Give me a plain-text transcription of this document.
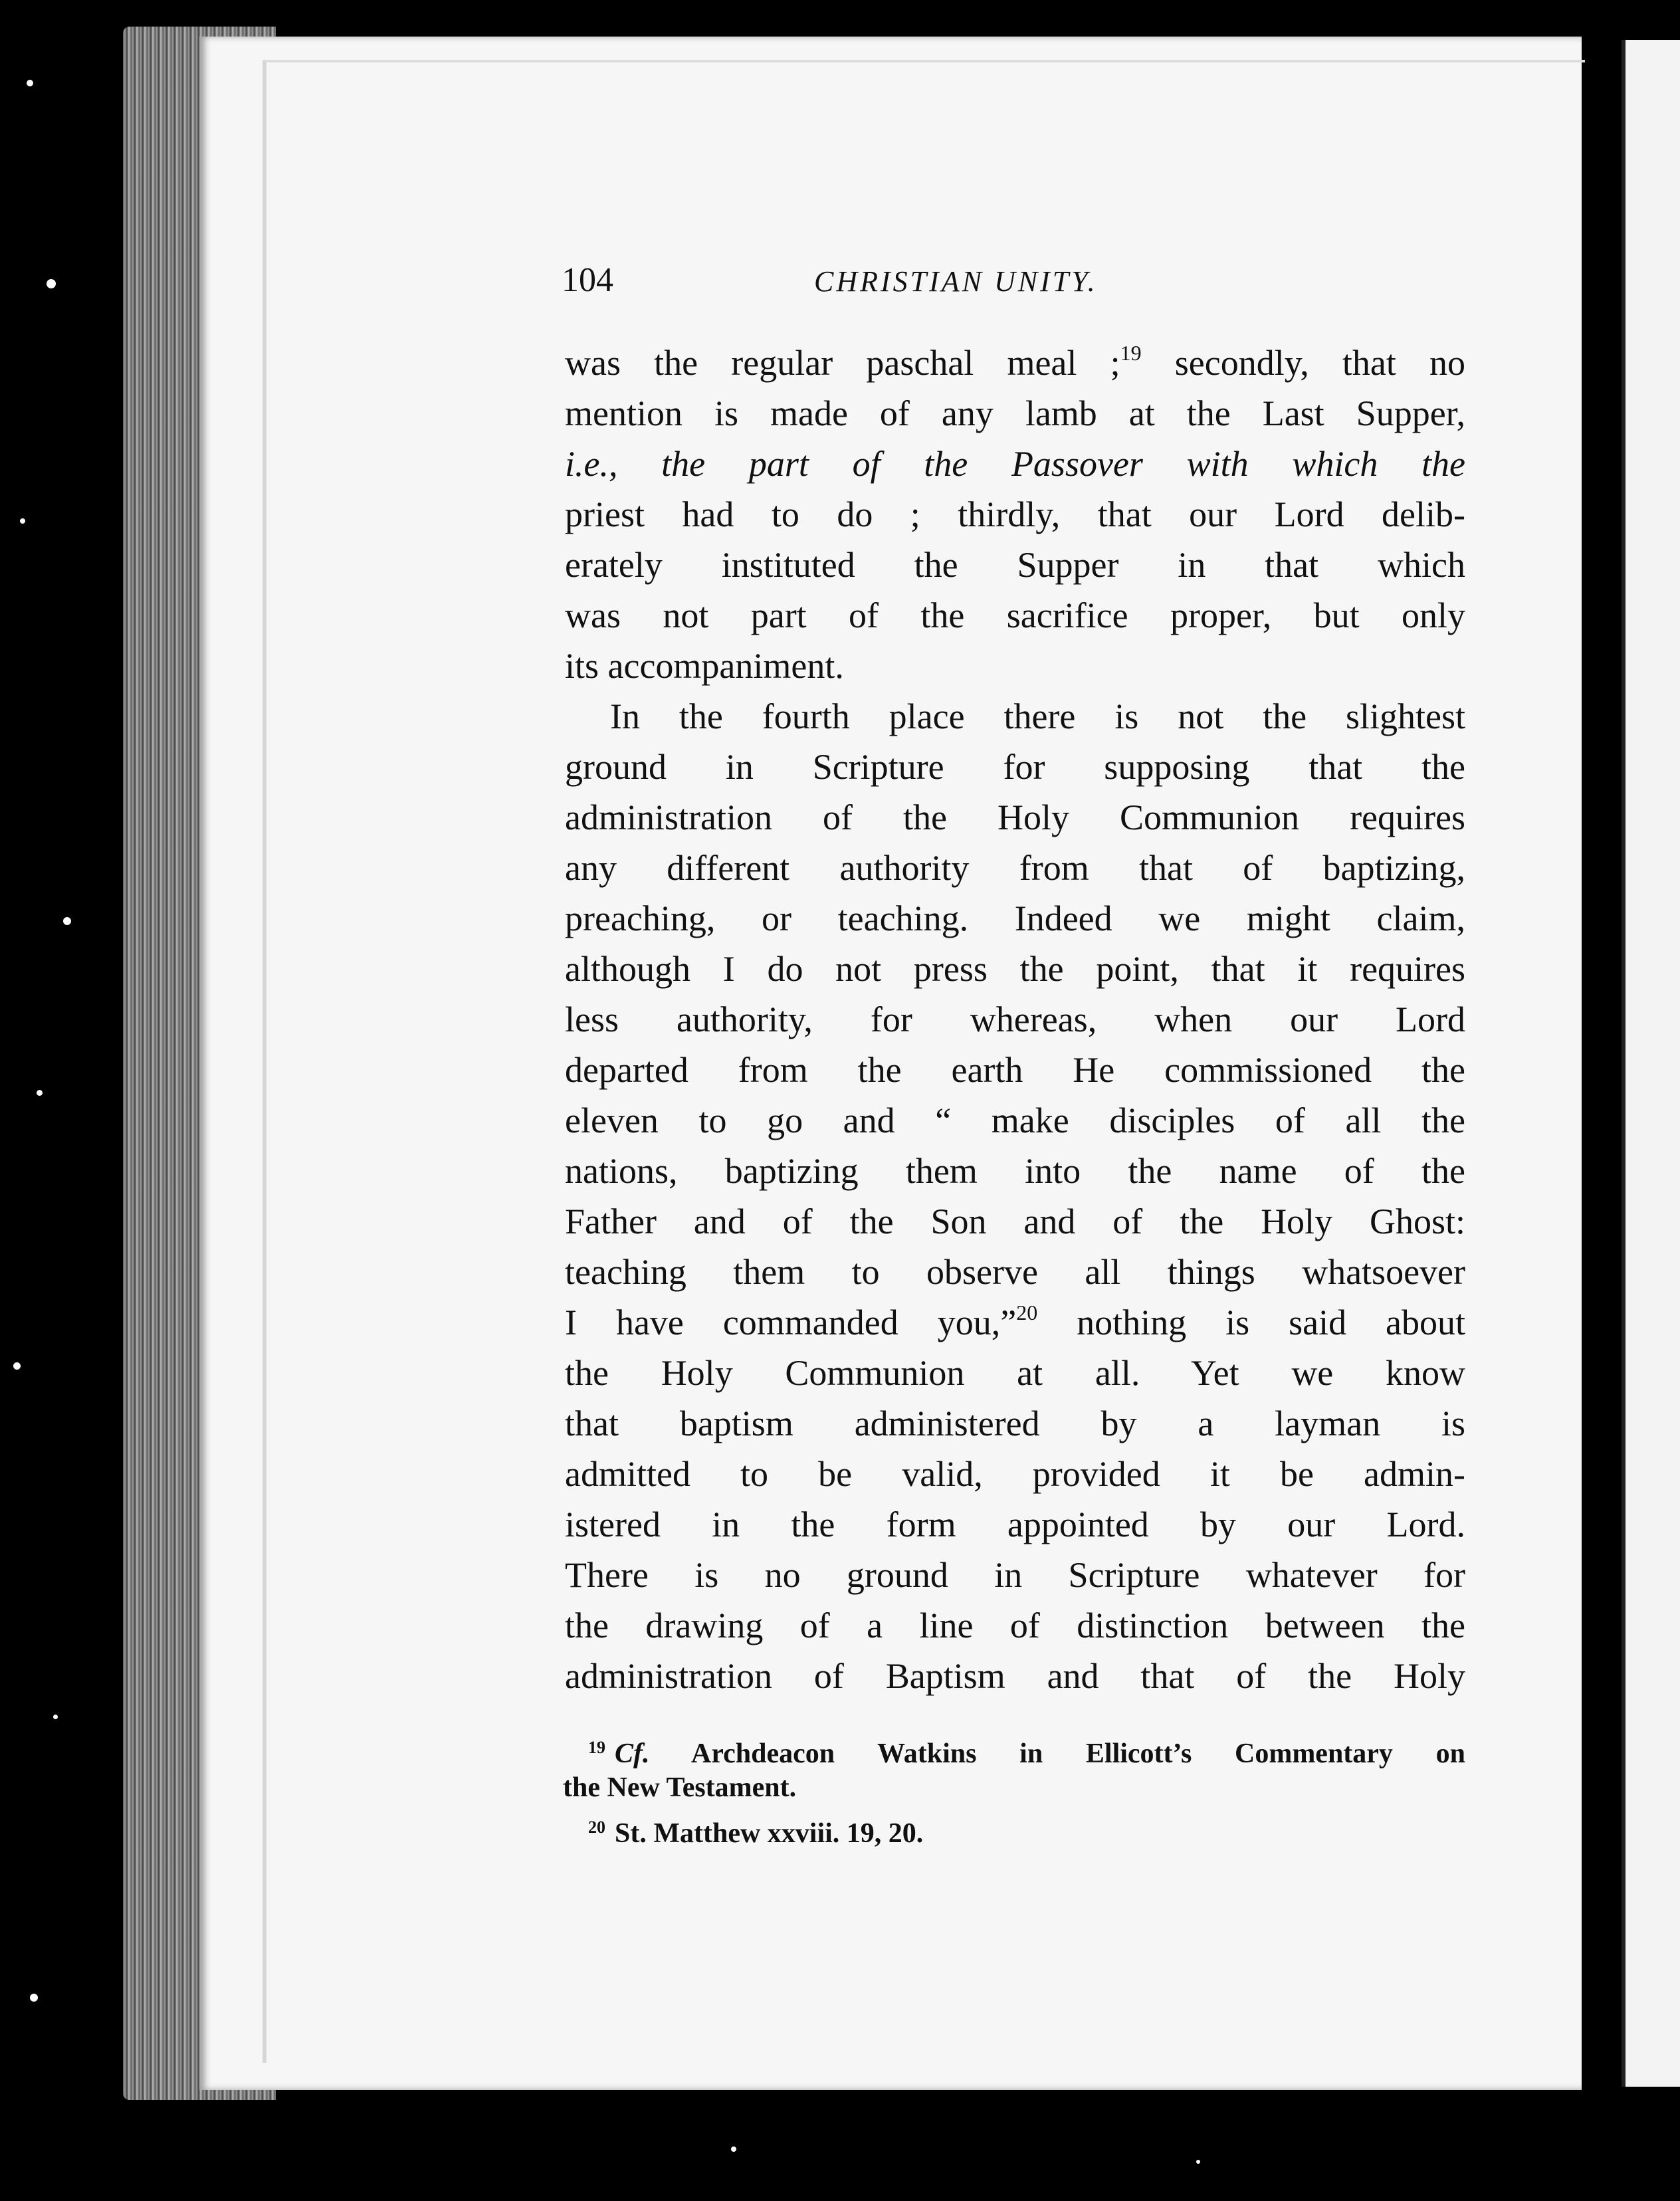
104	CHRISTIAN UNITY.
was the regular paschal meal ;$^{19}$ secondly, that no
mention is made of any lamb at the Last Supper,
i.e., the part of the Passover with which the
priest had to do ; thirdly, that our Lord delib-
erately instituted the Supper in that which
was not part of the sacrifice proper, but only
its accompaniment.
In the fourth place there is not the slightest
ground in Scripture for supposing that the
administration of the Holy Communion requires
any different authority from that of baptizing,
preaching, or teaching. Indeed we might claim,
although I do not press the point, that it requires
less authority, for whereas, when our Lord
departed from the earth He commissioned the
eleven to go and “ make disciples of all the
nations, baptizing them into the name of the
Father and of the Son and of the Holy Ghost:
teaching them to observe all things whatsoever
I have commanded you,”$^{20}$ nothing is said about
the Holy Communion at all. Yet we know
that baptism administered by a layman is
admitted to be valid, provided it be admin-
istered in the form appointed by our Lord.
There is no ground in Scripture whatever for
the drawing of a line of distinction between the
administration of Baptism and that of the Holy
$^{19}$ Cf. Archdeacon Watkins in Ellicott’s Commentary on
the New Testament.
$^{20}$ St. Matthew xxviii. 19, 20.
